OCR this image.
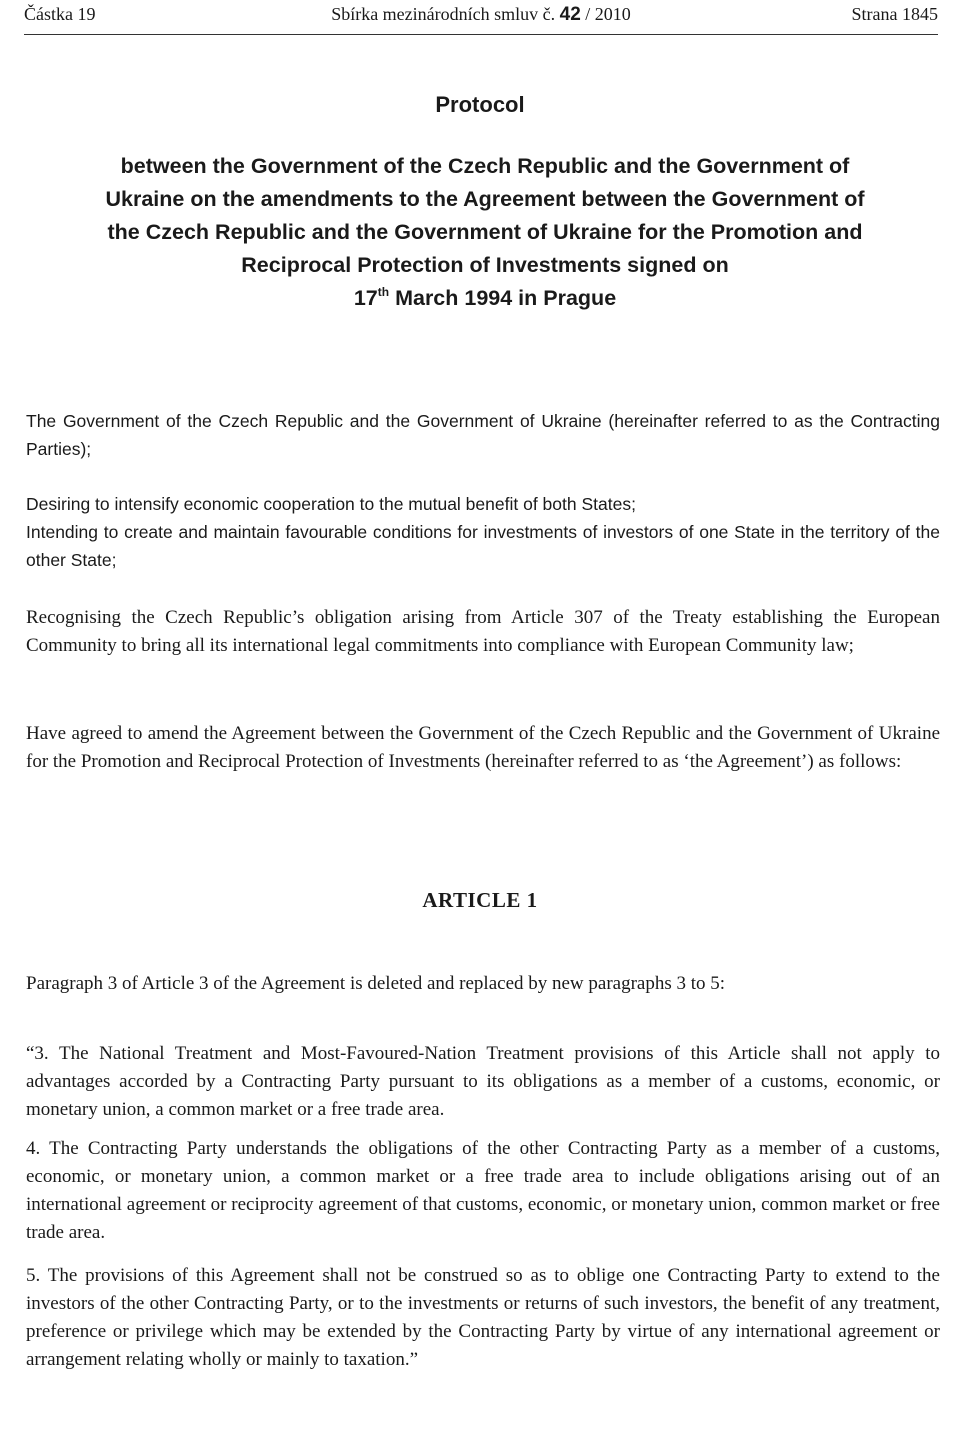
Částka 19	Sbírka mezinárodních smluv č. 42 / 2010	Strana 1845
Protocol
between the Government of the Czech Republic and the Government of
Ukraine on the amendments to the Agreement between the Government of
the Czech Republic and the Government of Ukraine for the Promotion and
Reciprocal Protection of Investments signed on
17th March 1994 in Prague

The Government of the Czech Republic and the Government of Ukraine (hereinafter referred to as the Contracting Parties);

Desiring to intensify economic cooperation to the mutual benefit of both States;

Intending to create and maintain favourable conditions for investments of investors of one State in the territory of the other State;

Recognising the Czech Republic’s obligation arising from Article 307 of the Treaty establishing the European Community to bring all its international legal commitments into compliance with European Community law;

Have agreed to amend the Agreement between the Government of the Czech Republic and the Government of Ukraine for the Promotion and Reciprocal Protection of Investments (hereinafter referred to as ‘the Agreement’) as follows:

ARTICLE 1

Paragraph 3 of Article 3 of the Agreement is deleted and replaced by new paragraphs 3 to 5:

“3. The National Treatment and Most-Favoured-Nation Treatment provisions of this Article shall not apply to advantages accorded by a Contracting Party pursuant to its obligations as a member of a customs, economic, or monetary union, a common market or a free trade area.

4. The Contracting Party understands the obligations of the other Contracting Party as a member of a customs, economic, or monetary union, a common market or a free trade area to include obligations arising out of an international agreement or reciprocity agreement of that customs, economic, or monetary union, common market or free trade area.

5. The provisions of this Agreement shall not be construed so as to oblige one Contracting Party to extend to the investors of the other Contracting Party, or to the investments or returns of such investors, the benefit of any treatment, preference or privilege which may be extended by the Contracting Party by virtue of any international agreement or arrangement relating wholly or mainly to taxation.”
